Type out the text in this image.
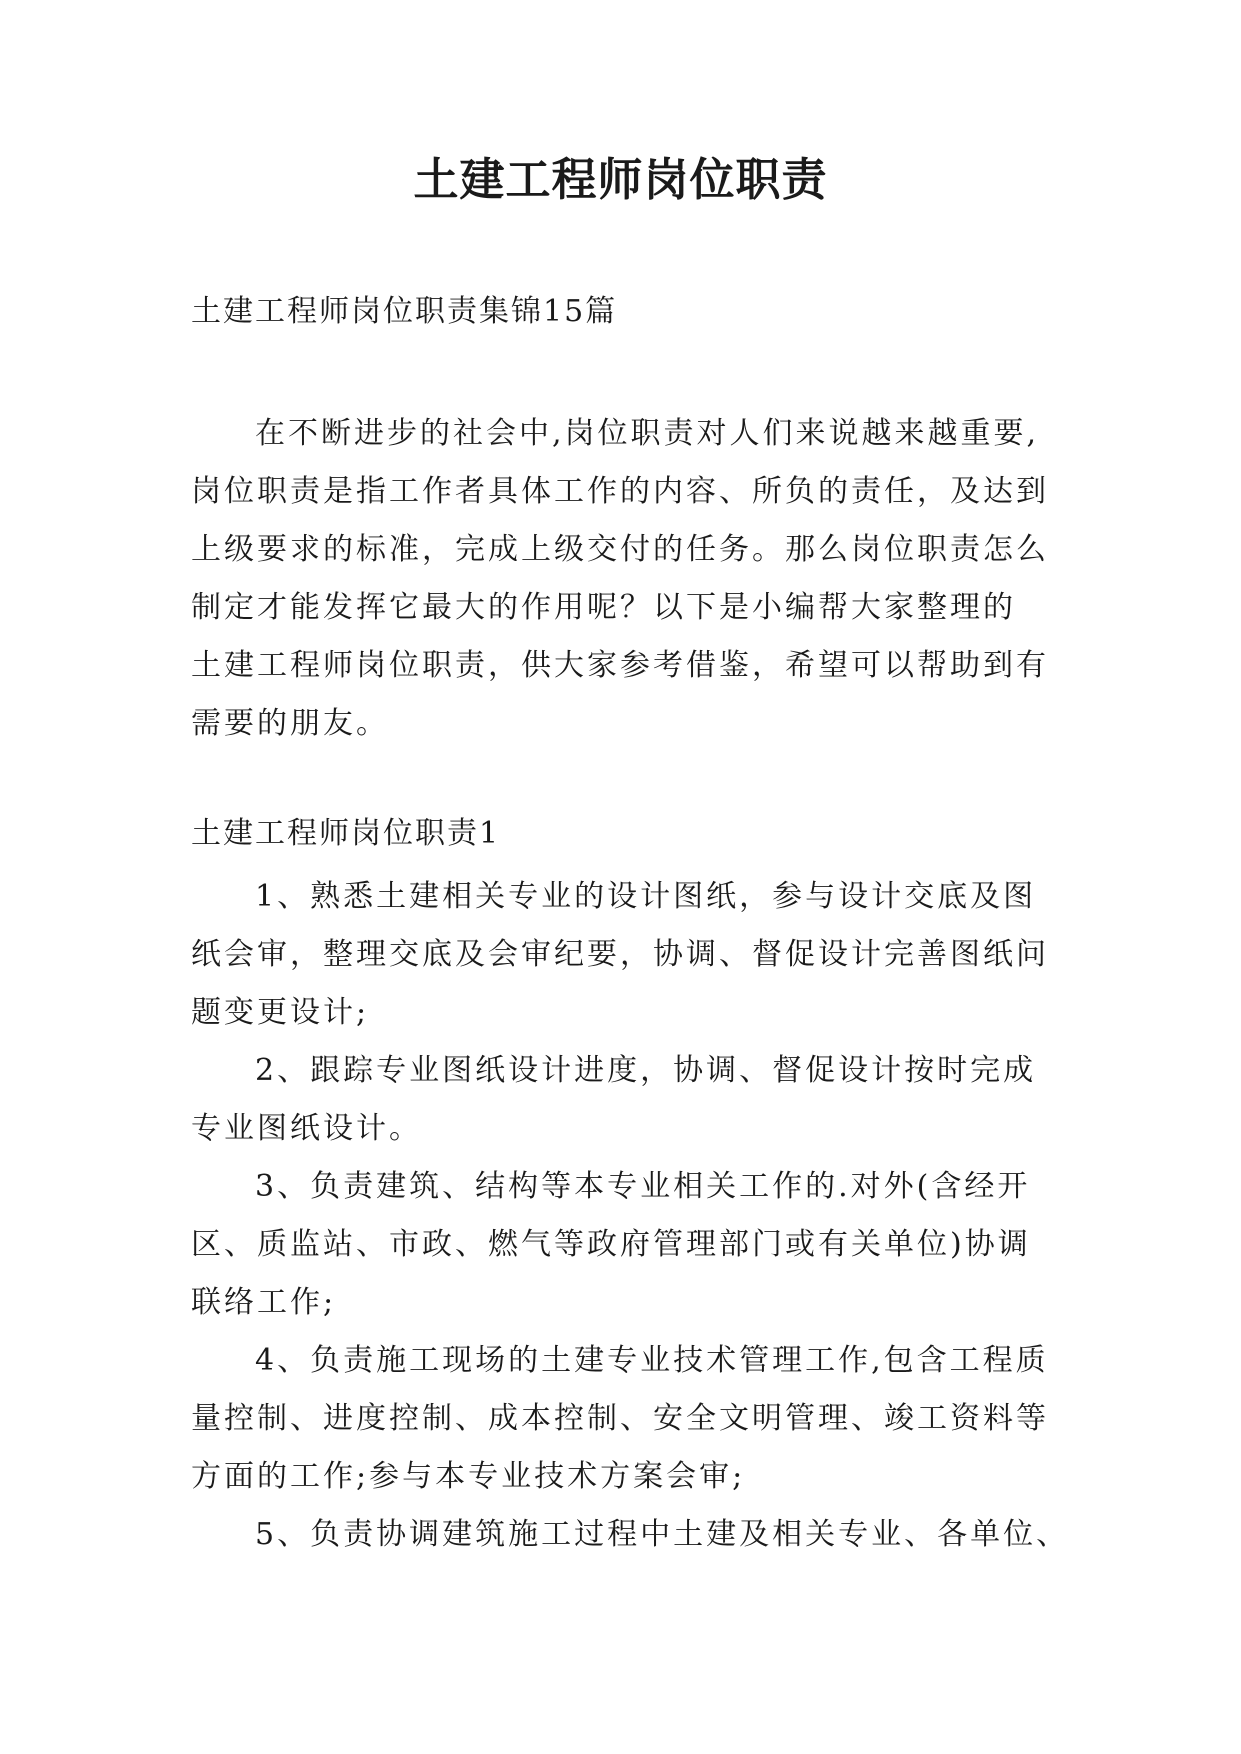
土建工程师岗位职责
土建工程师岗位职责集锦15篇
在不断进步的社会中,岗位职责对人们来说越来越重要,
岗位职责是指工作者具体工作的内容、所负的责任，及达到
上级要求的标准，完成上级交付的任务。那么岗位职责怎么
制定才能发挥它最大的作用呢？以下是小编帮大家整理的
土建工程师岗位职责，供大家参考借鉴，希望可以帮助到有
需要的朋友。
土建工程师岗位职责1
1、熟悉土建相关专业的设计图纸，参与设计交底及图
纸会审，整理交底及会审纪要，协调、督促设计完善图纸问
题变更设计;
2、跟踪专业图纸设计进度，协调、督促设计按时完成
专业图纸设计。
3、负责建筑、结构等本专业相关工作的.对外(含经开
区、质监站、市政、燃气等政府管理部门或有关单位)协调
联络工作;
4、负责施工现场的土建专业技术管理工作,包含工程质
量控制、进度控制、成本控制、安全文明管理、竣工资料等
方面的工作;参与本专业技术方案会审;
5、负责协调建筑施工过程中土建及相关专业、各单位、
